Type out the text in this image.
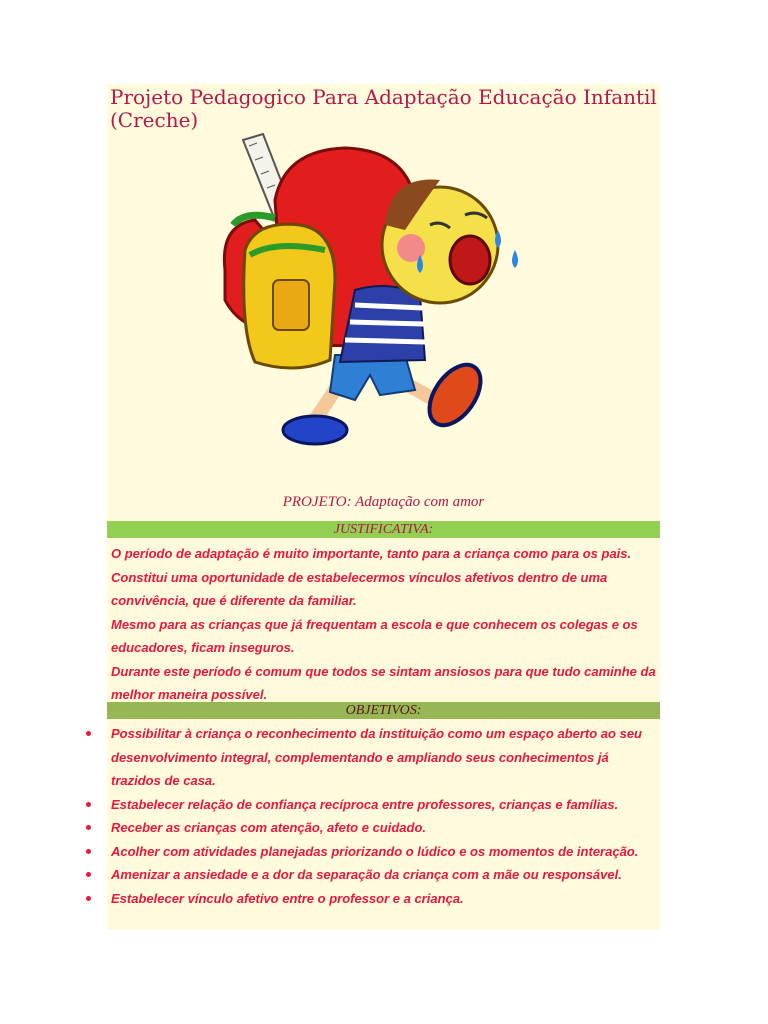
Projeto Pedagogico Para Adaptação Educação Infantil (Creche)
PROJETO: Adaptação com amor
JUSTIFICATIVA:

O período de adaptação é muito importante, tanto para a criança como para os pais.

Constitui uma oportunidade de estabelecermos vínculos afetivos dentro de uma convivência, que é diferente da familiar.

Mesmo para as crianças que já frequentam a escola e que conhecem os colegas e os educadores, ficam inseguros.

Durante este período é comum que todos se sintam ansiosos para que tudo caminhe da melhor maneira possível.

OBJETIVOS:
Possibilitar à criança o reconhecimento da instituição como um espaço aberto ao seu desenvolvimento integral, complementando e ampliando seus conhecimentos já trazidos de casa.
Estabelecer relação de confiança recíproca entre professores, crianças e famílias.
Receber as crianças com atenção, afeto e cuidado.
Acolher com atividades planejadas priorizando o lúdico e os momentos de interação.
Amenizar a ansiedade e a dor da separação da criança com a mãe ou responsável.
Estabelecer vínculo afetivo entre o professor e a criança.
